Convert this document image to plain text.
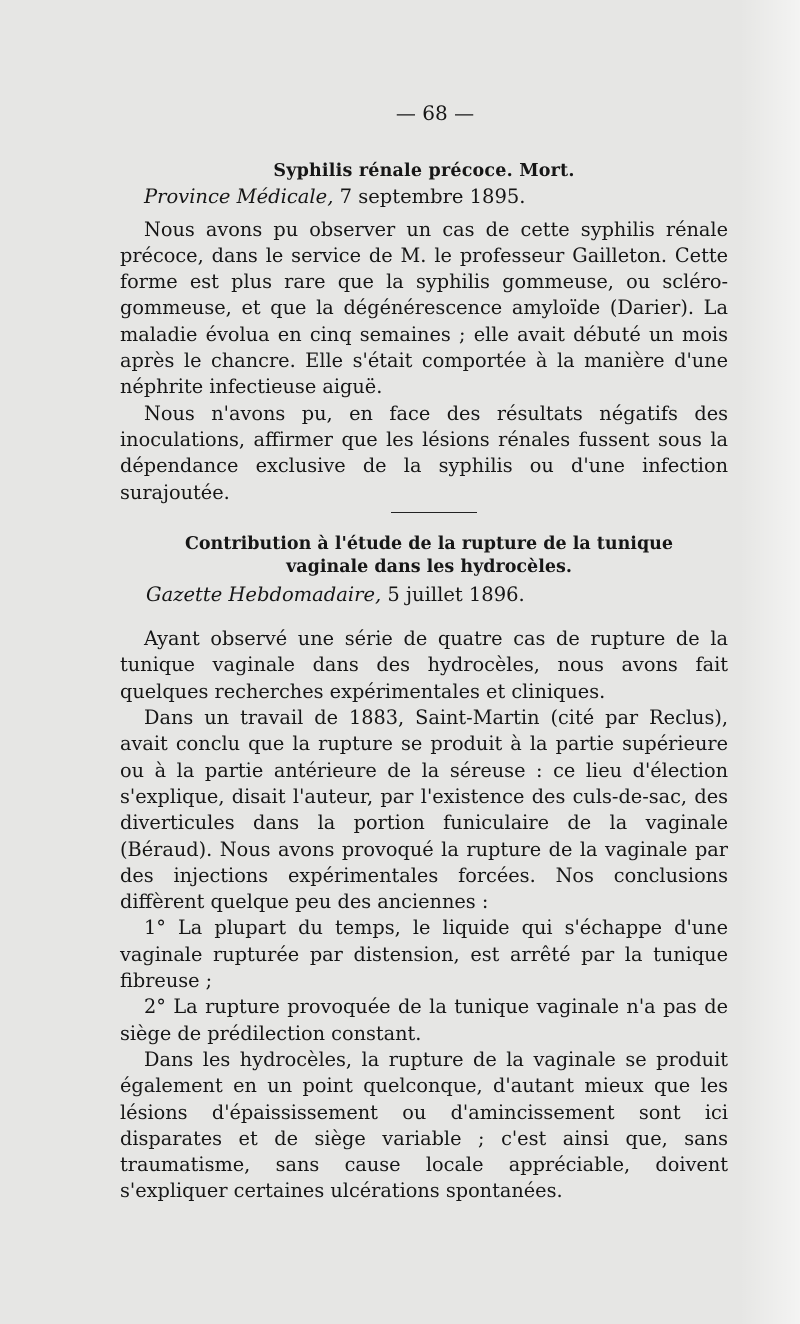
— 68 —
Syphilis rénale précoce. Mort.
Province Médicale, 7 septembre 1895.

Nous avons pu observer un cas de cette syphilis rénale précoce, dans le service de M. le professeur Gailleton. Cette forme est plus rare que la syphilis gommeuse, ou scléro-gommeuse, et que la dégénérescence amyloïde (Darier). La maladie évolua en cinq semaines ; elle avait débuté un mois après le chancre. Elle s'était comportée à la manière d'une néphrite infectieuse aiguë.

Nous n'avons pu, en face des résultats négatifs des inoculations, affirmer que les lésions rénales fussent sous la dépendance exclusive de la syphilis ou d'une infection surajoutée.

Contribution à l'étude de la rupture de la tunique
vaginale dans les hydrocèles.
Gazette Hebdomadaire, 5 juillet 1896.

Ayant observé une série de quatre cas de rupture de la tunique vaginale dans des hydrocèles, nous avons fait quelques recherches expérimentales et cliniques.

Dans un travail de 1883, Saint-Martin (cité par Reclus), avait conclu que la rupture se produit à la partie supérieure ou à la partie antérieure de la séreuse : ce lieu d'élection s'explique, disait l'auteur, par l'existence des culs-de-sac, des diverticules dans la portion funiculaire de la vaginale (Béraud). Nous avons provoqué la rupture de la vaginale par des injections expérimentales forcées. Nos conclusions diffèrent quelque peu des anciennes :

1° La plupart du temps, le liquide qui s'échappe d'une vaginale rupturée par distension, est arrêté par la tunique fibreuse ;

2° La rupture provoquée de la tunique vaginale n'a pas de siège de prédilection constant.

Dans les hydrocèles, la rupture de la vaginale se produit également en un point quelconque, d'autant mieux que les lésions d'épaississement ou d'amincissement sont ici disparates et de siège variable ; c'est ainsi que, sans traumatisme, sans cause locale appréciable, doivent s'expliquer certaines ulcérations spontanées.
